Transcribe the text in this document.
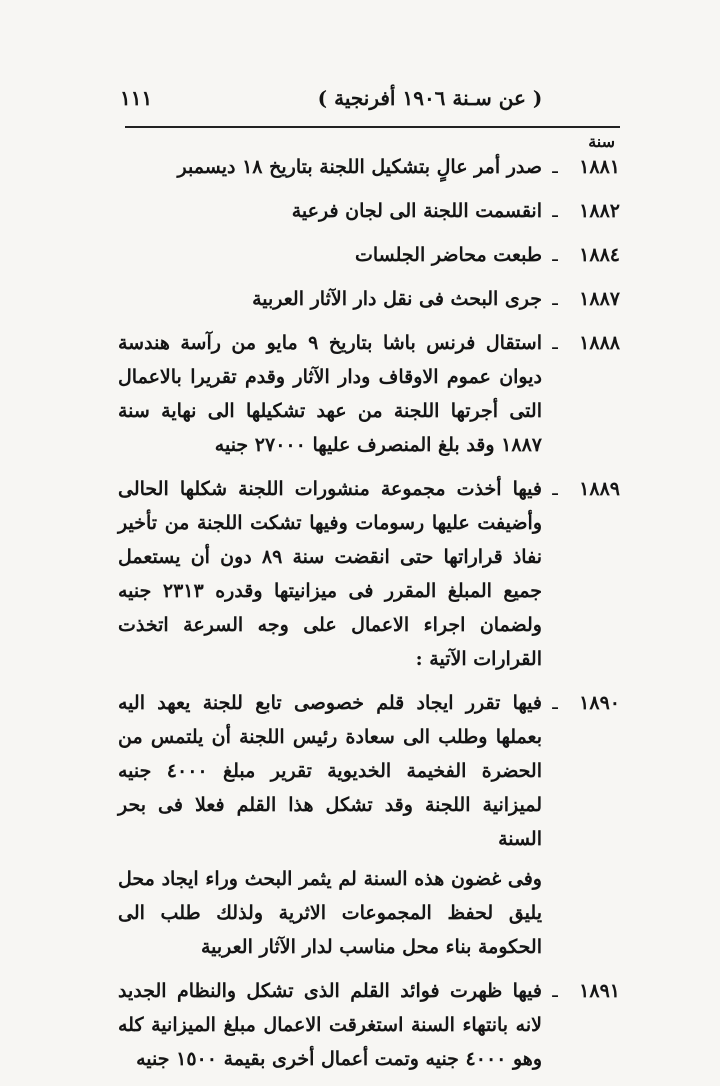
١١١	( عن سـنة ١٩٠٦ أفرنجية )
سنة
١٨٨١
ـ
صدر أمر عالٍ بتشكيل اللجنة بتاريخ ١٨ ديسمبر
١٨٨٢
ـ
انقسمت اللجنة الى لجان فرعية
١٨٨٤
ـ
طبعت محاضر الجلسات
١٨٨٧
ـ
جرى البحث فى نقل دار الآثار العربية
١٨٨٨
ـ
استقال فرنس باشا بتاريخ ٩ مايو من رآسة هندسة ديوان عموم الاوقاف ودار الآثار وقدم تقريرا بالاعمال التى أجرتها اللجنة من عهد تشكيلها الى نهاية سنة ١٨٨٧ وقد بلغ المنصرف عليها ٢٧٠٠٠ جنيه
١٨٨٩
ـ
فيها أخذت مجموعة منشورات اللجنة شكلها الحالى وأضيفت عليها رسومات وفيها تشكت اللجنة من تأخير نفاذ قراراتها حتى انقضت سنة ٨٩ دون أن يستعمل جميع المبلغ المقرر فى ميزانيتها وقدره ٢٣١٣ جنيه ولضمان اجراء الاعمال على وجه السرعة اتخذت القرارات الآتية :
١٨٩٠
ـ
فيها تقرر ايجاد قلم خصوصى تابع للجنة يعهد اليه بعملها وطلب الى سعادة رئيس اللجنة أن يلتمس من الحضرة الفخيمة الخديوية تقرير مبلغ ٤٠٠٠ جنيه لميزانية اللجنة وقد تشكل هذا القلم فعلا فى بحر السنة
وفى غضون هذه السنة لم يثمر البحث وراء ايجاد محل يليق لحفظ المجموعات الاثرية ولذلك طلب الى الحكومة بناء محل مناسب لدار الآثار العربية
١٨٩١
ـ
فيها ظهرت فوائد القلم الذى تشكل والنظام الجديد لانه بانتهاء السنة استغرقت الاعمال مبلغ الميزانية كله وهو ٤٠٠٠ جنيه وتمت أعمال أخرى بقيمة ١٥٠٠ جنيه
